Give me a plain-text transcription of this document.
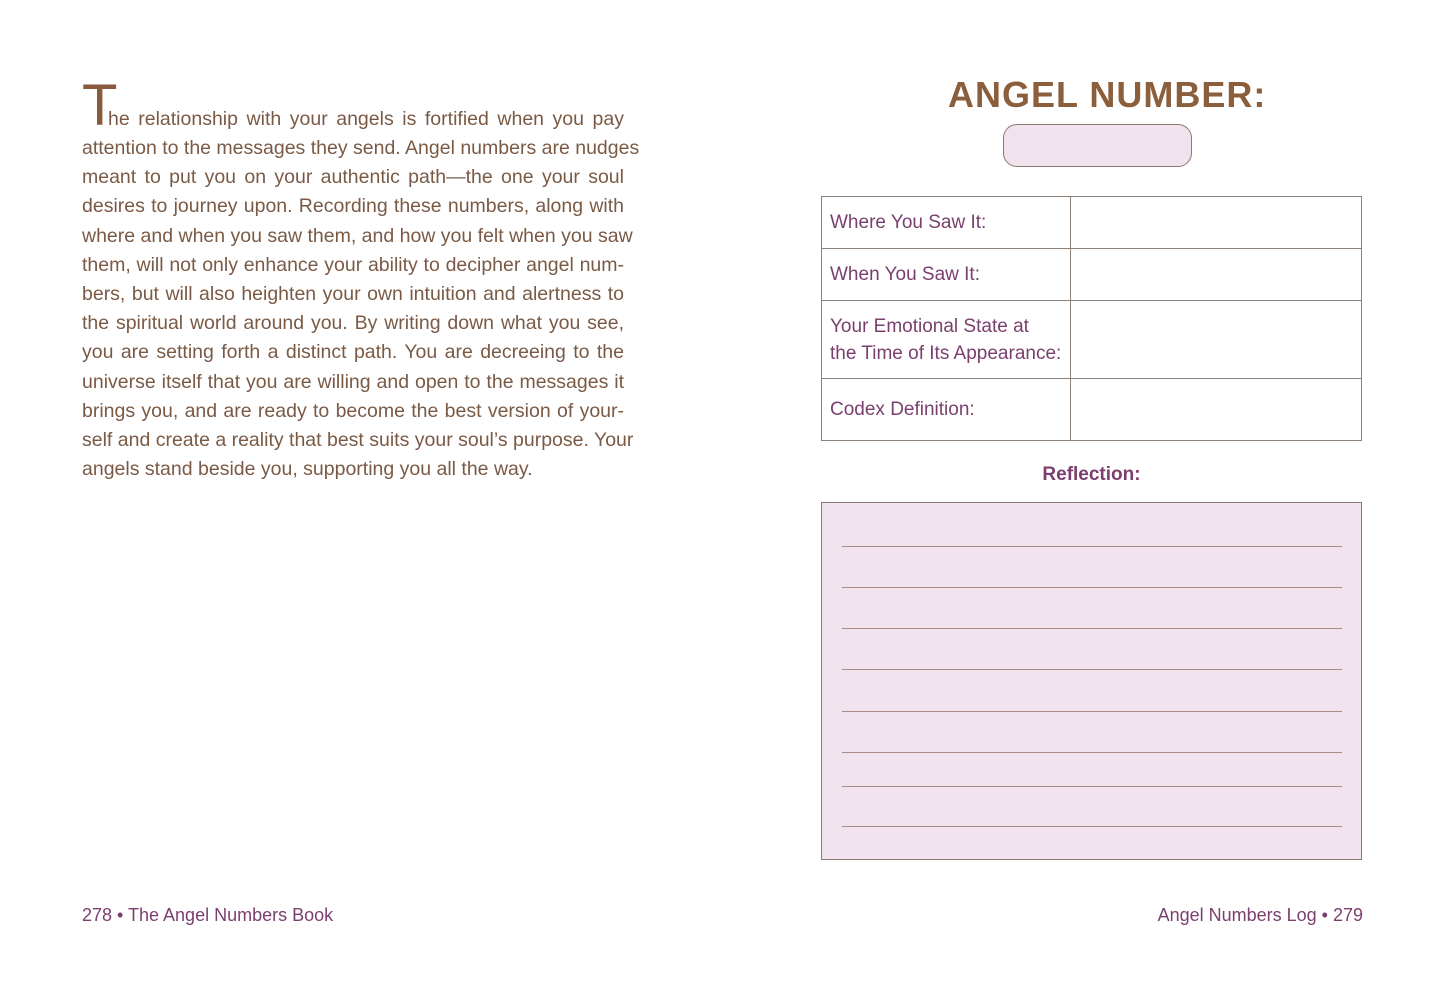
T
he relationship with your angels is fortified when you pay
attention to the messages they send. Angel numbers are nudges
meant to put you on your authentic path—the one your soul
desires to journey upon. Recording these numbers, along with
where and when you saw them, and how you felt when you saw
them, will not only enhance your ability to decipher angel num-
bers, but will also heighten your own intuition and alertness to
the spiritual world around you. By writing down what you see,
you are setting forth a distinct path. You are decreeing to the
universe itself that you are willing and open to the messages it
brings you, and are ready to become the best version of your-
self and create a reality that best suits your soul’s purpose. Your
angels stand beside you, supporting you all the way.
278 • The Angel Numbers Book
ANGEL NUMBER:
Where You Saw It:	
When You Saw It:	
Your Emotional State at
the Time of Its Appearance:	
Codex Definition:	
Reflection:
Angel Numbers Log • 279
